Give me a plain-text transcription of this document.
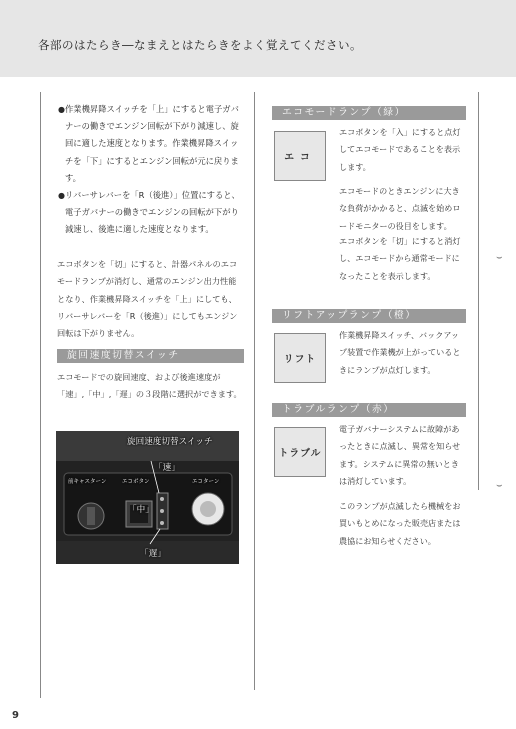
各部のはたらき―なまえとはたらきをよく覚えてください。
● 作業機昇降スイッチを「上」にすると電子ガバナーの働きでエンジン回転が下がり減速し、旋回に適した速度となります。作業機昇降スイッチを「下」にするとエンジン回転が元に戻ります。
● リバーサレバーを「R（後進）」位置にすると、電子ガバナーの働きでエンジンの回転が下がり減速し、後進に適した速度となります。
エコボタンを「切」にすると、計器パネルのエコモードランプが消灯し、通常のエンジン出力性能となり、作業機昇降スイッチを「上」にしても、リバーサレバーを「R（後進）」にしてもエンジン回転は下がりません。
旋回速度切替スイッチ
エコモードでの旋回速度、および後進速度が「速」,「中」,「遅」の３段階に選択ができます。
旋回速度切替スイッチ
「速」
「中」
「遅」
前キャスターン	エコボタン	エコターン
エコモードランプ（緑）
エコ
エコボタンを「入」にすると点灯してエコモードであることを表示します。
エコモードのときエンジンに大きな負荷がかかると、点滅を始めロードモニターの役目をします。
エコボタンを「切」にすると消灯し、エコモードから通常モードになったことを表示します。
リフトアップランプ（橙）
リフト
作業機昇降スイッチ、バックアップ装置で作業機が上がっているときにランプが点灯します。
トラブルランプ（赤）
トラブル
電子ガバナーシステムに故障があったときに点滅し、異常を知らせます。システムに異常の無いときは消灯しています。
このランプが点滅したら機械をお買いもとめになった販売店または農協にお知らせください。
9
⌣
⌣
